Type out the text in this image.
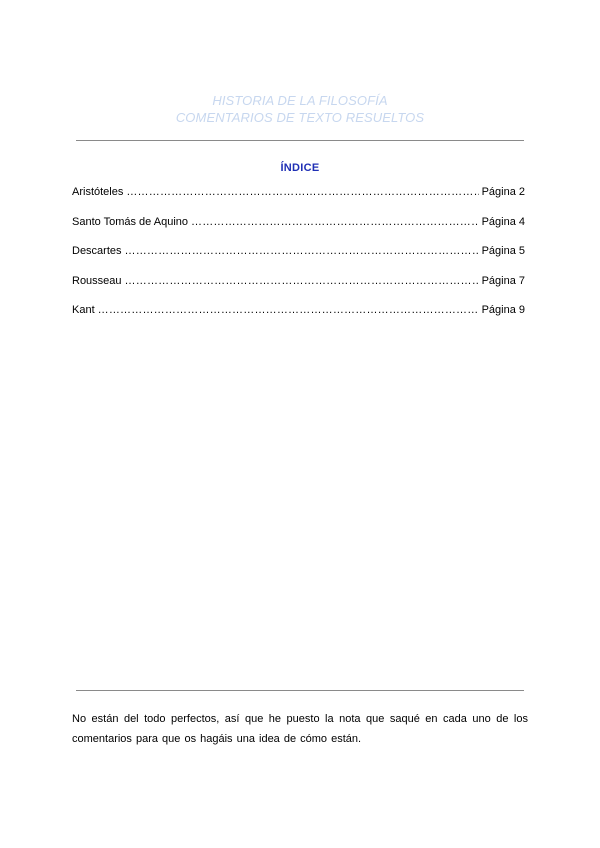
HISTORIA DE LA FILOSOFÍA
COMENTARIOS DE TEXTO RESUELTOS
ÍNDICE
Aristóteles …………………………………………………………………………………………………………………………………………………………………	Página 2
Santo Tomás de Aquino …………………………………………………………………………………………………………………………………………………………………	Página 4
Descartes …………………………………………………………………………………………………………………………………………………………………	Página 5
Rousseau …………………………………………………………………………………………………………………………………………………………………	Página 7
Kant …………………………………………………………………………………………………………………………………………………………………	Página 9
No están del todo perfectos, así que he puesto la nota que saqué en cada uno de los comentarios para que os hagáis una idea de cómo están.
